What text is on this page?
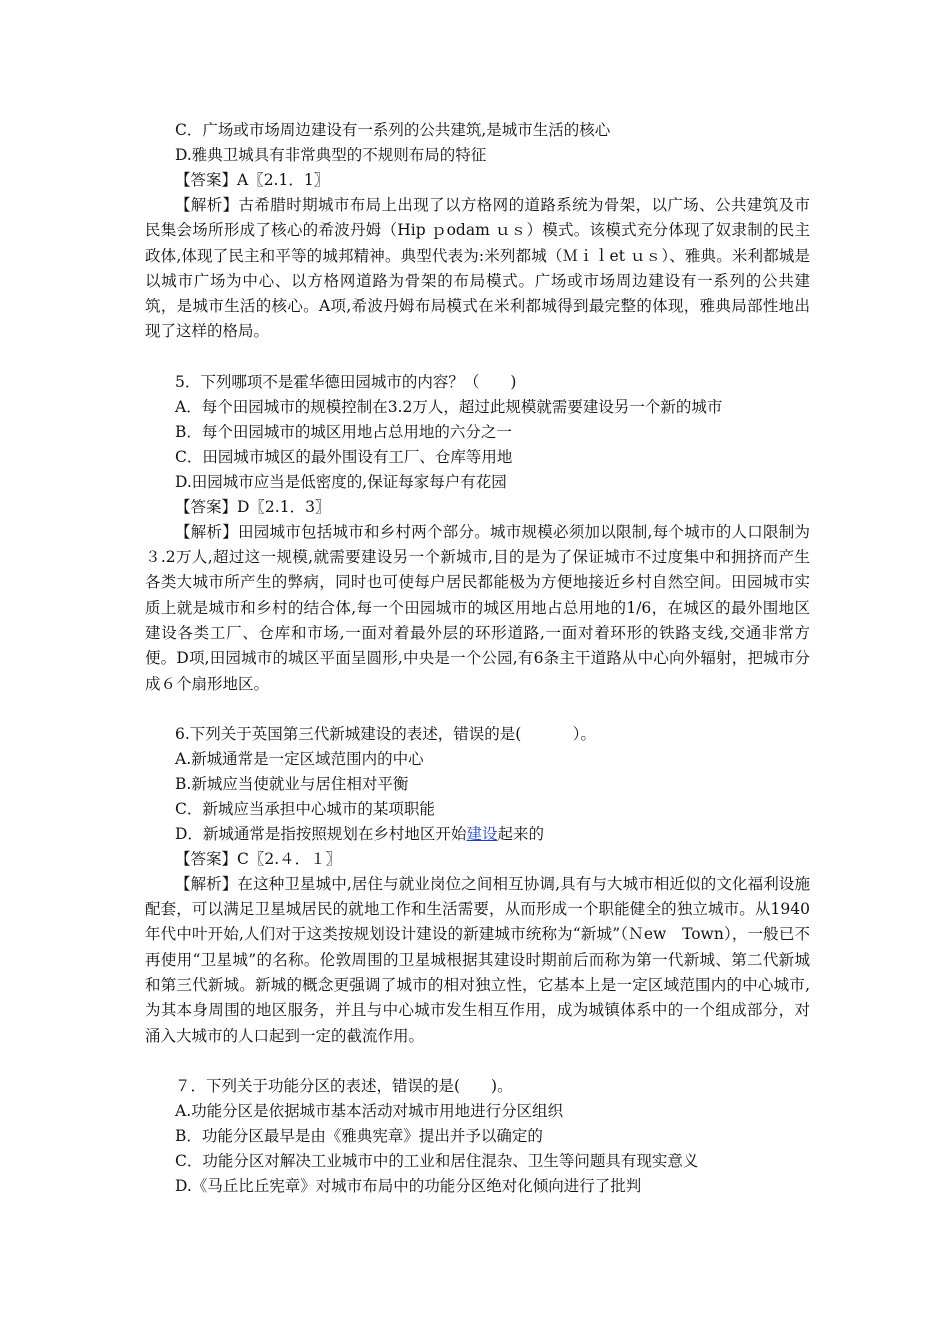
C．广场或市场周边建设有一系列的公共建筑,是城市生活的核心
D.雅典卫城具有非常典型的不规则布局的特征
【答案】A〖2.1．1〗
【解析】古希腊时期城市布局上出现了以方格网的道路系统为骨架，以广场、公共建筑及市民集会场所形成了核心的希波丹姆（Hip ｐodam ｕｓ）模式。该模式充分体现了奴隶制的民主政体,体现了民主和平等的城邦精神。典型代表为:米列都城（Ｍｉｌet ｕｓ）、雅典。米利都城是以城市广场为中心、以方格网道路为骨架的布局模式。广场或市场周边建设有一系列的公共建筑，是城市生活的核心。A项,希波丹姆布局模式在米利都城得到最完整的体现，雅典局部性地出现了这样的格局。
5．下列哪项不是霍华德田园城市的内容？（　　)
A．每个田园城市的规模控制在3.2万人，超过此规模就需要建设另一个新的城市
B．每个田园城市的城区用地占总用地的六分之一
C．田园城市城区的最外围设有工厂、仓库等用地
D.田园城市应当是低密度的,保证每家每户有花园
【答案】D〖2.1．3〗
【解析】田园城市包括城市和乡村两个部分。城市规模必须加以限制,每个城市的人口限制为３.2万人,超过这一规模,就需要建设另一个新城市,目的是为了保证城市不过度集中和拥挤而产生各类大城市所产生的弊病，同时也可使每户居民都能极为方便地接近乡村自然空间。田园城市实质上就是城市和乡村的结合体,每一个田园城市的城区用地占总用地的1/6，在城区的最外围地区建设各类工厂、仓库和市场,一面对着最外层的环形道路,一面对着环形的铁路支线,交通非常方便。D项,田园城市的城区平面呈圆形,中央是一个公园,有6条主干道路从中心向外辐射，把城市分成６个扇形地区。
6.下列关于英国第三代新城建设的表述，错误的是(　　　 ）。
A.新城通常是一定区域范围内的中心
B.新城应当使就业与居住相对平衡
C．新城应当承担中心城市的某项职能
D．新城通常是指按照规划在乡村地区开始建设起来的
【答案】C〖2.４．１〗
【解析】在这种卫星城中,居住与就业岗位之间相互协调,具有与大城市相近似的文化福利设施配套，可以满足卫星城居民的就地工作和生活需要，从而形成一个职能健全的独立城市。从1940年代中叶开始,人们对于这类按规划设计建设的新建城市统称为“新城”（Ｎew　Town），一般已不再使用“卫星城”的名称。伦敦周围的卫星城根据其建设时期前后而称为第一代新城、第二代新城和第三代新城。新城的概念更强调了城市的相对独立性，它基本上是一定区域范围内的中心城市,为其本身周围的地区服务，并且与中心城市发生相互作用，成为城镇体系中的一个组成部分，对涌入大城市的人口起到一定的截流作用。
７．下列关于功能分区的表述，错误的是(　　)。
A.功能分区是依据城市基本活动对城市用地进行分区组织
B．功能分区最早是由《雅典宪章》提出并予以确定的
C．功能分区对解决工业城市中的工业和居住混杂、卫生等问题具有现实意义
D.《马丘比丘宪章》对城市布局中的功能分区绝对化倾向进行了批判
